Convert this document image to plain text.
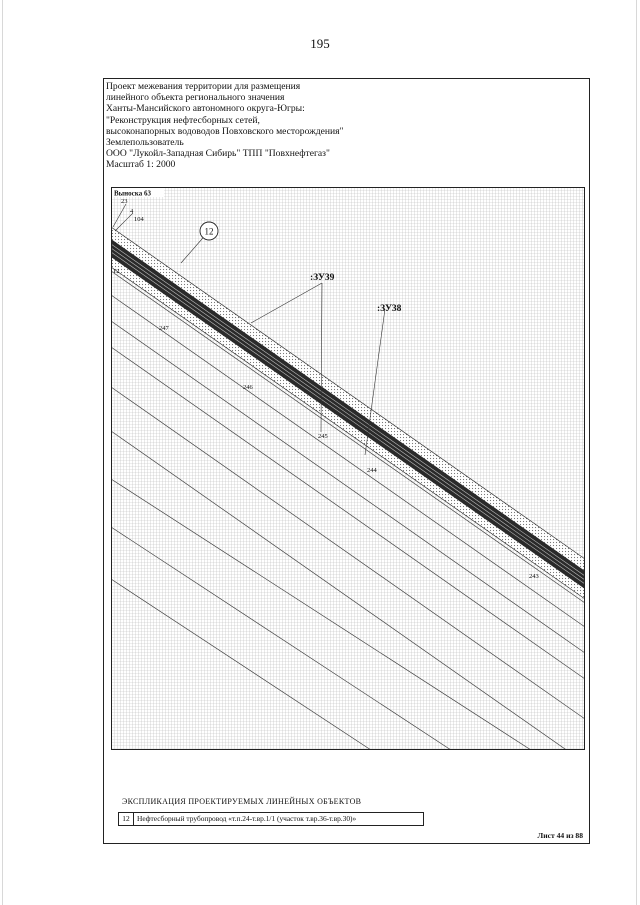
195
Проект межевания территории для размещения
линейного объекта регионального значения
Ханты-Мансийского автономного округа-Югры:
"Реконструкция нефтесборных сетей,
высоконапорных водоводов Повховского месторождения"
Землепользователь
ООО "Лукойл-Западная Сибирь" ТПП "Повхнефтегаз"
Масштаб 1: 2000
Выноска 63
12
:ЗУ39
:ЗУ38
23
4
104
12
247
246
245
244
243
ЭКСПЛИКАЦИЯ ПРОЕКТИРУЕМЫХ ЛИНЕЙНЫХ ОБЪЕКТОВ
12 Нефтесборный трубопровод «т.п.24-т.вр.1/1 (участок т.вр.36-т.вр.30)»
Лист 44 из 88
